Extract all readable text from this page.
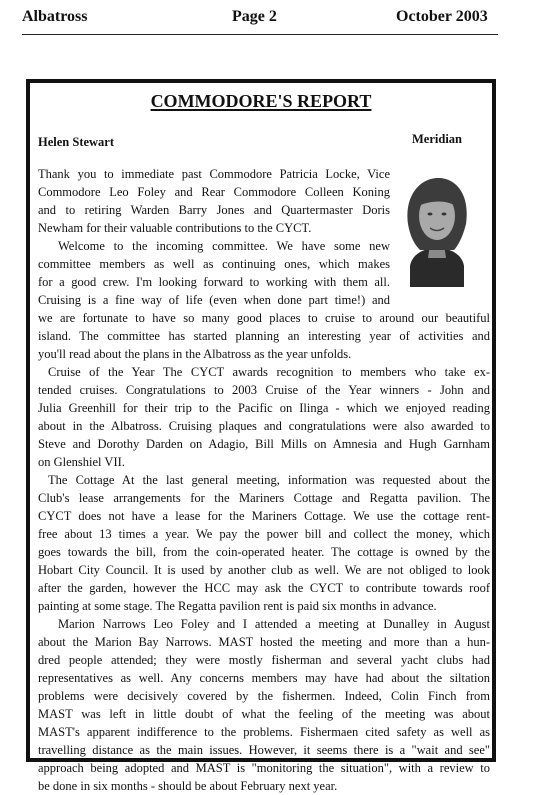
Albatross	Page 2	October 2003
COMMODORE'S REPORT
Helen Stewart	Meridian
Thank you to immediate past Commodore Patricia Locke, Vice
Commodore Leo Foley and Rear Commodore Colleen Koning
and to retiring Warden Barry Jones and Quartermaster Doris
Newham for their valuable contributions to the CYCT.
Welcome to the incoming committee. We have some new
committee members as well as continuing ones, which makes
for a good crew. I'm looking forward to working with them all.
Cruising is a fine way of life (even when done part time!) and
we are fortunate to have so many good places to cruise to around our beautiful
island. The committee has started planning an interesting year of activities and
you'll read about the plans in the Albatross as the year unfolds.
Cruise of the Year The CYCT awards recognition to members who take ex-
tended cruises. Congratulations to 2003 Cruise of the Year winners - John and
Julia Greenhill for their trip to the Pacific on Ilinga - which we enjoyed reading
about in the Albatross. Cruising plaques and congratulations were also awarded to
Steve and Dorothy Darden on Adagio, Bill Mills on Amnesia and Hugh Garnham
on Glenshiel VII.
The Cottage At the last general meeting, information was requested about the
Club's lease arrangements for the Mariners Cottage and Regatta pavilion. The
CYCT does not have a lease for the Mariners Cottage. We use the cottage rent-
free about 13 times a year. We pay the power bill and collect the money, which
goes towards the bill, from the coin-operated heater. The cottage is owned by the
Hobart City Council. It is used by another club as well. We are not obliged to look
after the garden, however the HCC may ask the CYCT to contribute towards roof
painting at some stage. The Regatta pavilion rent is paid six months in advance.
Marion Narrows Leo Foley and I attended a meeting at Dunalley in August
about the Marion Bay Narrows. MAST hosted the meeting and more than a hun-
dred people attended; they were mostly fisherman and several yacht clubs had
representatives as well. Any concerns members may have had about the siltation
problems were decisively covered by the fishermen. Indeed, Colin Finch from
MAST was left in little doubt of what the feeling of the meeting was about
MAST's apparent indifference to the problems. Fishermaen cited safety as well as
travelling distance as the main issues. However, it seems there is a "wait and see"
approach being adopted and MAST is "monitoring the situation", with a review to
be done in six months - should be about February next year.
